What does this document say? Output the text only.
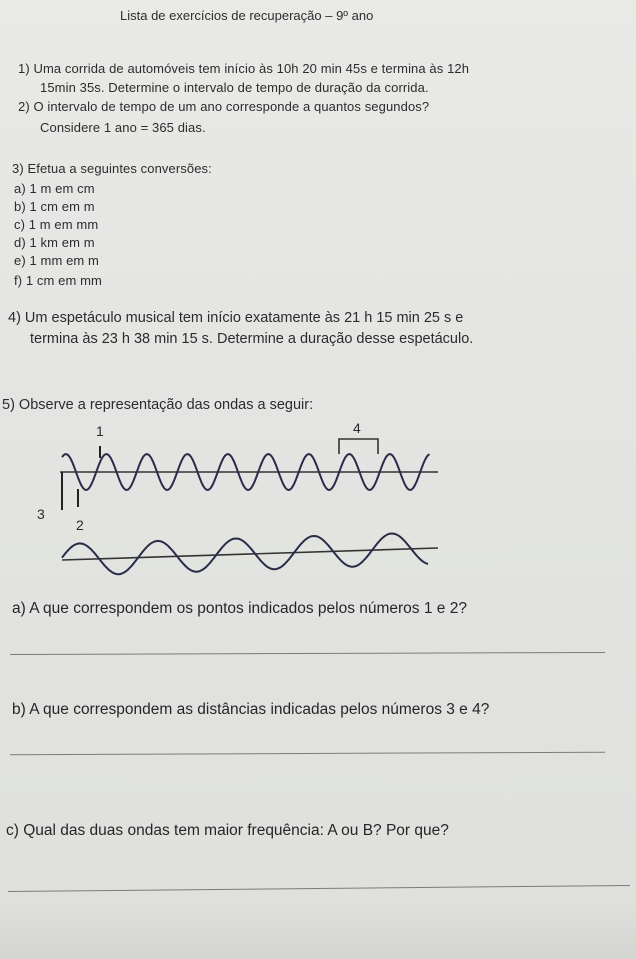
Lista de exercícios de recuperação – 9º ano
1) Uma corrida de automóveis tem início às 10h 20 min 45s e termina às 12h
15min 35s. Determine o intervalo de tempo de duração da corrida.
2) O intervalo de tempo de um ano corresponde a quantos segundos?
Considere 1 ano = 365 dias.
3) Efetua a seguintes conversões:
a) 1 m em cm
b) 1 cm em m
c) 1 m em mm
d) 1 km em m
e) 1 mm em m
f) 1 cm em mm
4) Um espetáculo musical tem início exatamente às 21 h 15 min 25 s e
termina às 23 h 38 min 15 s. Determine a duração desse espetáculo.
5) Observe a representação das ondas a seguir:
1
2
3
4
a) A que correspondem os pontos indicados pelos números 1 e 2?
b) A que correspondem as distâncias indicadas pelos números 3 e 4?
c) Qual das duas ondas tem maior frequência: A ou B? Por que?
